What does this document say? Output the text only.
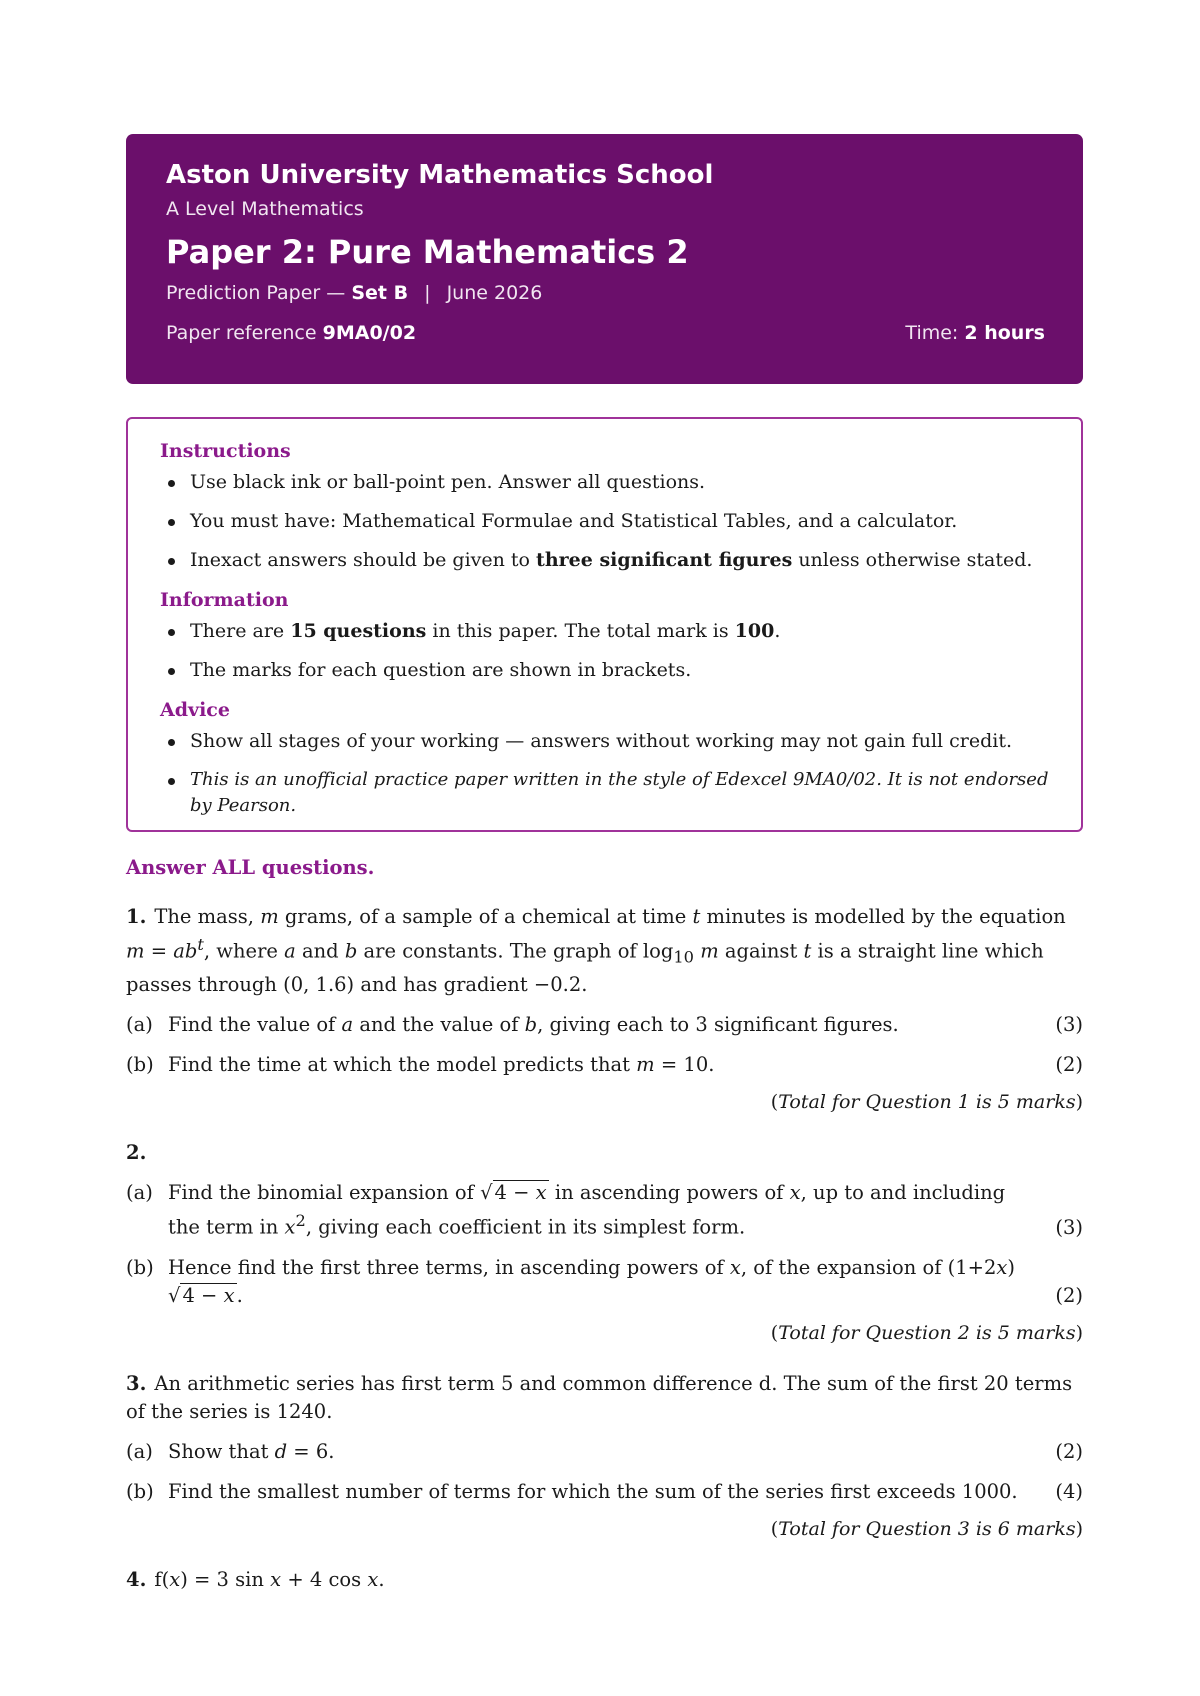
Aston University Mathematics School
A Level Mathematics
Paper 2: Pure Mathematics 2
Prediction Paper — Set B | June 2026
Paper reference 9MA0/02	Time: 2 hours
Instructions
Use black ink or ball-point pen. Answer all questions.
You must have: Mathematical Formulae and Statistical Tables, and a calculator.
Inexact answers should be given to three significant figures unless otherwise stated.
Information
There are 15 questions in this paper. The total mark is 100.
The marks for each question are shown in brackets.
Advice
Show all stages of your working — answers without working may not gain full credit.
This is an unofficial practice paper written in the style of Edexcel 9MA0/02. It is not endorsed by Pearson.
Answer ALL questions.
1. The mass, m grams, of a sample of a chemical at time t minutes is modelled by the equation $m = ab^t$, where a and b are constants. The graph of $\log_{10} m$ against t is a straight line which passes through (0, 1.6) and has gradient −0.2.
(a) Find the value of a and the value of b, giving each to 3 significant figures.	(3)
(b) Find the time at which the model predicts that m = 10.	(2)
(Total for Question 1 is 5 marks)
2.
(a) Find the binomial expansion of √ 4 − x in ascending powers of x, up to and including the term in $x^2$, giving each coefficient in its simplest form.	(3)
(b) Hence find the first three terms, in ascending powers of x, of the expansion of (1+2x) √ 4 − x .	(2)
(Total for Question 2 is 5 marks)
3. An arithmetic series has first term 5 and common difference d. The sum of the first 20 terms of the series is 1240.
(a) Show that d = 6.	(2)
(b) Find the smallest number of terms for which the sum of the series first exceeds 1000.	(4)
(Total for Question 3 is 6 marks)
4. f(x) = 3 sin x + 4 cos x.
